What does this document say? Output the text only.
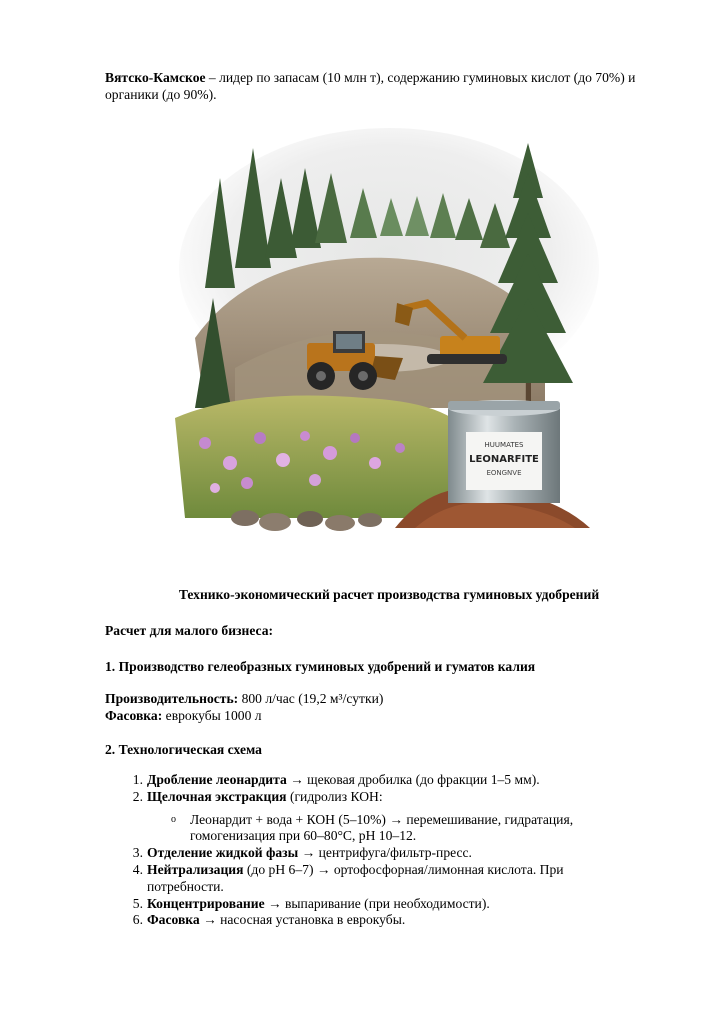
Вятско-Камское – лидер по запасам (10 млн т), содержанию гуминовых кислот (до 70%) и органики (до 90%).

HUUMATES
LEONARFITE
EONGNVE
Технико-экономический расчет производства гуминовых удобрений
Расчет для малого бизнеса:
1. Производство гелеобразных гуминовых удобрений и гуматов калия
Производительность: 800 л/час (19,2 м³/сутки)
Фасовка: еврокубы 1000 л
2. Технологическая схема
1. Дробление леонардита → щековая дробилка (до фракции 1–5 мм).
2. Щелочная экстракция (гидролиз КОН:
o Леонардит + вода + КОН (5–10%) → перемешивание, гидратация, гомогенизация при 60–80°C, pH 10–12.
3. Отделение жидкой фазы → центрифуга/фильтр-пресс.
4. Нейтрализация (до pH 6–7) → ортофосфорная/лимонная кислота. При потребности.
5. Концентрирование → выпаривание (при необходимости).
6. Фасовка → насосная установка в еврокубы.
